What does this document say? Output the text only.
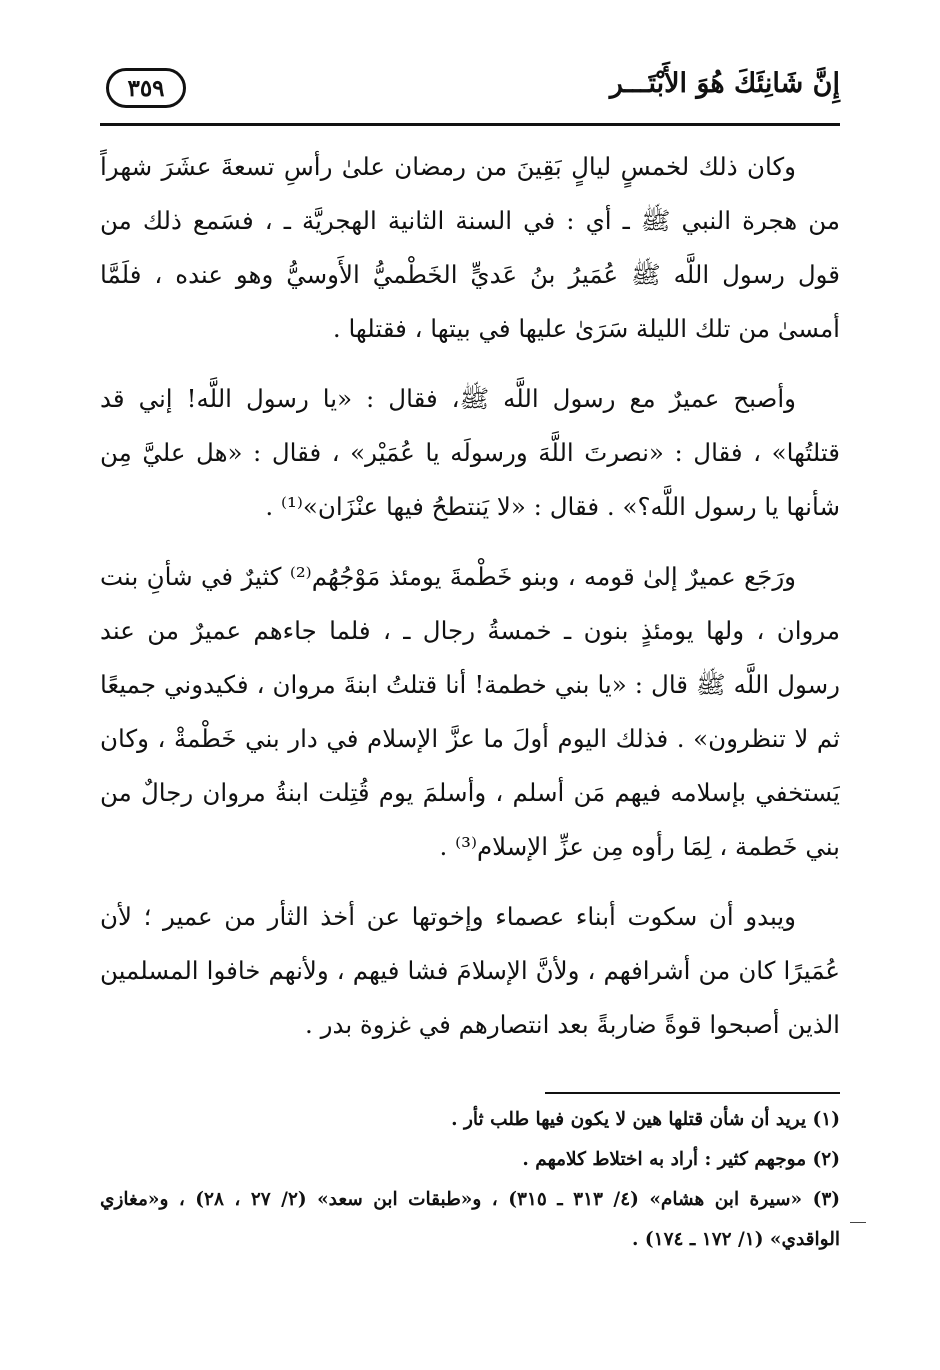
إِنَّ شَانِئَكَ هُوَ الأَبْتَـــر
٣٥٩

وكان ذلك لخمسٍ ليالٍ بَقِينَ من رمضان علىٰ رأسِ تسعةَ عشَرَ شهراً من هجرة النبي ﷺ ـ أي : في السنة الثانية الهجريَّة ـ ، فسَمع ذلك من قول رسول اللَّه ﷺ عُمَيرُ بنُ عَديٍّ الخَطْميُّ الأَوسيُّ وهو عنده ، فلَمَّا أمسىٰ من تلك الليلة سَرَىٰ عليها في بيتها ، فقتلها .

وأصبح عميرٌ مع رسول اللَّه ﷺ، فقال : «يا رسول اللَّه! إني قد قتلتُها» ، فقال : «نصرتَ اللَّهَ ورسولَه يا عُمَيْر» ، فقال : «هل عليَّ مِن شأنها يا رسول اللَّه؟» . فقال : «لا يَنتطحُ فيها عنْزَان»⁽¹⁾ .

ورَجَع عميرٌ إلىٰ قومه ، وبنو خَطْمةَ يومئذ مَوْجُهُم⁽²⁾ كثيرٌ في شأنِ بنت مروان ، ولها يومئذٍ بنون ـ خمسةُ رجال ـ ، فلما جاءهم عميرٌ من عند رسول اللَّه ﷺ قال : «يا بني خطمة! أنا قتلتُ ابنةَ مروان ، فكيدوني جميعًا ثم لا تنظرون» . فذلك اليوم أولَ ما عزَّ الإسلام في دار بني خَطْمةْ ، وكان يَستخفي بإسلامه فيهم مَن أسلم ، وأسلمَ يوم قُتِلت ابنةُ مروان رجالٌ من بني خَطمة ، لِمَا رأوه مِن عزِّ الإسلام⁽³⁾ .

ويبدو أن سكوت أبناء عصماء وإخوتها عن أخذ الثأر من عمير ؛ لأن عُمَيرًا كان من أشرافهم ، ولأنَّ الإسلامَ فشا فيهم ، ولأنهم خافوا المسلمين الذين أصبحوا قوةً ضاربةً بعد انتصارهم في غزوة بدر .

(١) يريد أن شأن قتلها هين لا يكون فيها طلب ثأر .

(٢) موجهم كثير : أراد به اختلاط كلامهم .

(٣) «سيرة ابن هشام» (٤/ ٣١٣ ـ ٣١٥) ، و«طبقات ابن سعد» (٢/ ٢٧ ، ٢٨) ، و«مغازي الواقدي» (١/ ١٧٢ ـ ١٧٤) .
